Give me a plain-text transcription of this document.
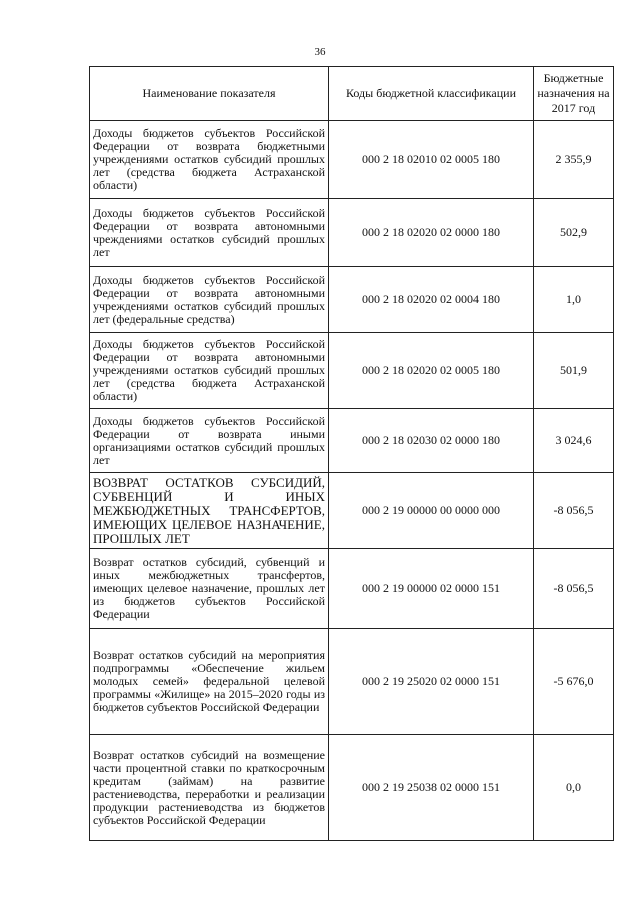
36
Наименование показателя	Коды бюджетной классификации	Бюджетные назначения на 2017 год
Доходы бюджетов субъектов Российской Федерации от возврата бюджетными учреждениями остатков субсидий прошлых лет (средства бюджета Астраханской области)	000 2 18 02010 02 0005 180	2 355,9
Доходы бюджетов субъектов Российской Федерации от возврата автономными чреждениями остатков субсидий прошлых лет	000 2 18 02020 02 0000 180	502,9
Доходы бюджетов субъектов Российской Федерации от возврата автономными учреждениями остатков субсидий прошлых лет (федеральные средства)	000 2 18 02020 02 0004 180	1,0
Доходы бюджетов субъектов Российской Федерации от возврата автономными учреждениями остатков субсидий прошлых лет (средства бюджета Астраханской области)	000 2 18 02020 02 0005 180	501,9
Доходы бюджетов субъектов Российской Федерации от возврата иными организациями остатков субсидий прошлых лет	000 2 18 02030 02 0000 180	3 024,6
ВОЗВРАТ ОСТАТКОВ СУБСИДИЙ, СУБВЕНЦИЙ И ИНЫХ МЕЖБЮДЖЕТНЫХ ТРАНСФЕРТОВ, ИМЕЮЩИХ ЦЕЛЕВОЕ НАЗНАЧЕНИЕ, ПРОШЛЫХ ЛЕТ	000 2 19 00000 00 0000 000	-8 056,5
Возврат остатков субсидий, субвенций и иных межбюджетных трансфертов, имеющих целевое назначение, прошлых лет из бюджетов субъектов Российской Федерации	000 2 19 00000 02 0000 151	-8 056,5
Возврат остатков субсидий на мероприятия подпрограммы «Обеспечение жильем молодых семей» федеральной целевой программы «Жилище» на 2015–2020 годы из бюджетов субъектов Российской Федерации	000 2 19 25020 02 0000 151	-5 676,0
Возврат остатков субсидий на возмещение части процентной ставки по краткосрочным кредитам (займам) на развитие растениеводства, переработки и реализации продукции растениеводства из бюджетов субъектов Российской Федерации	000 2 19 25038 02 0000 151	0,0
